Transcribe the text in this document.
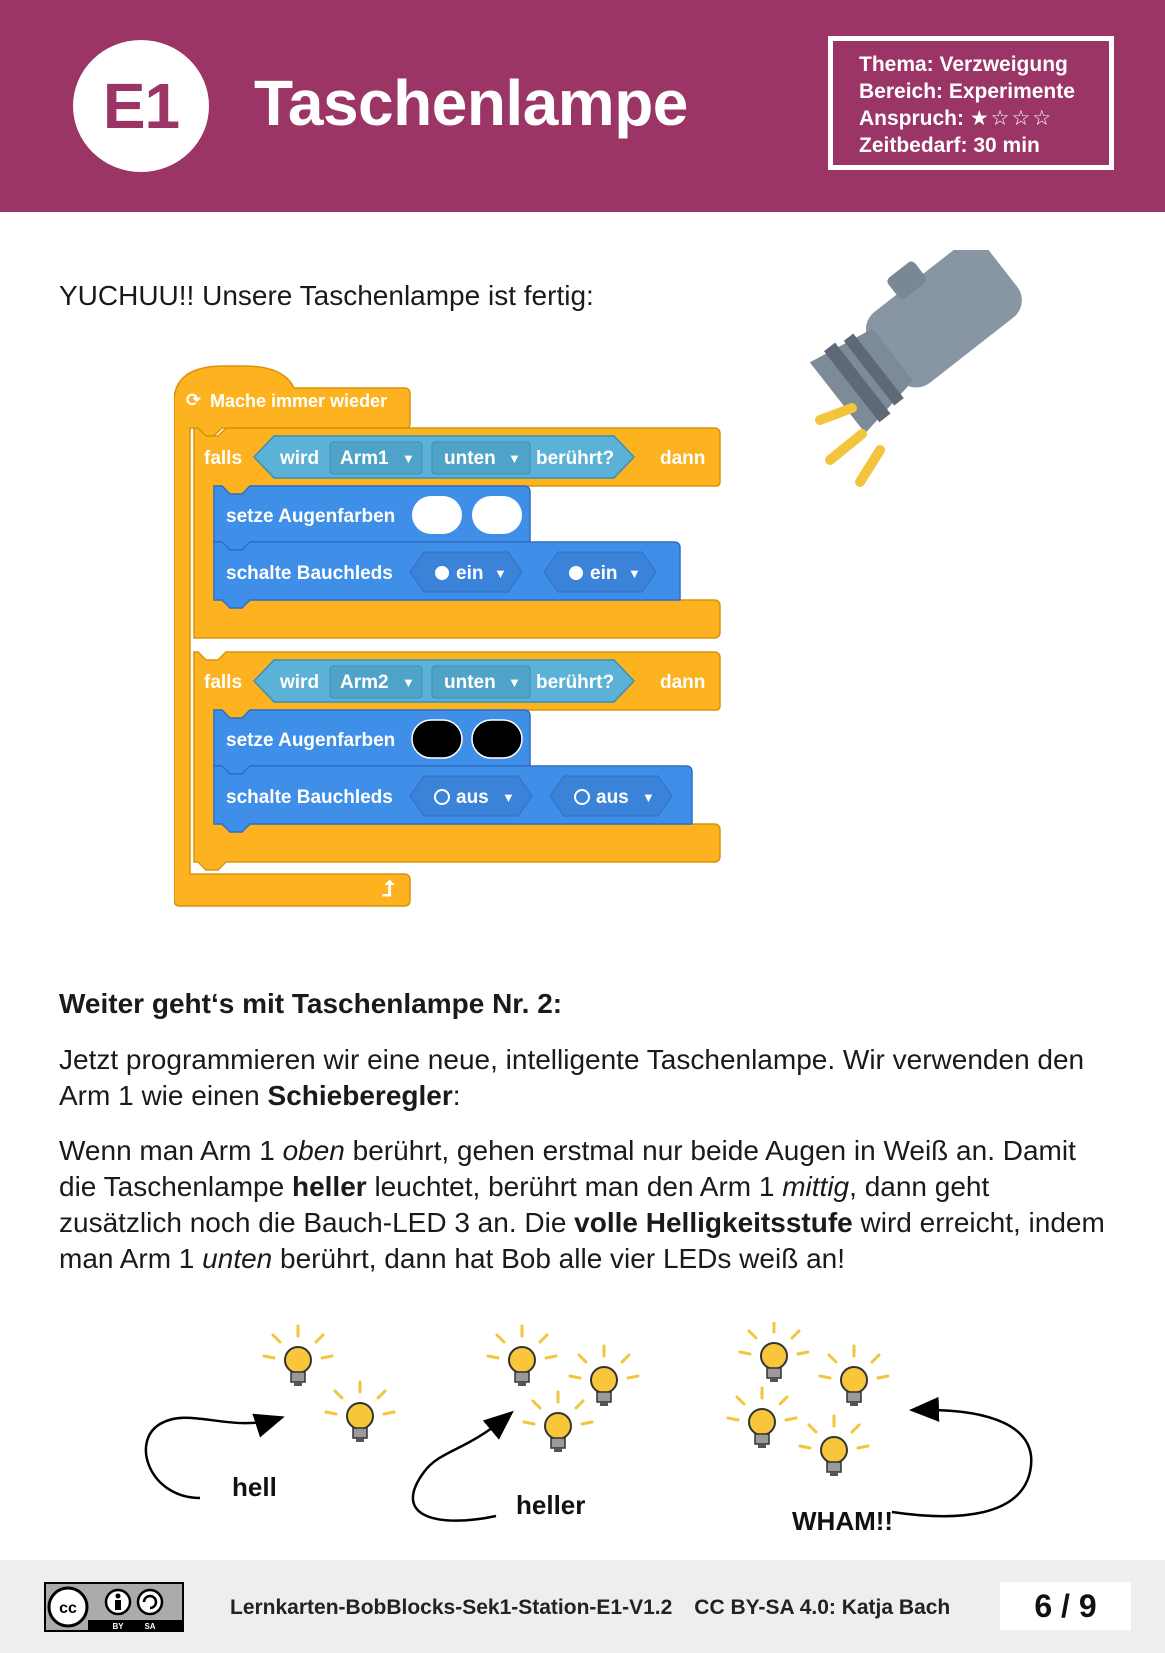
E1	Taschenlampe
Thema: Verzweigung
Bereich: Experimente
Anspruch: ★☆☆☆
Zeitbedarf: 30 min
YUCHUU!! Unsere Taschenlampe ist fertig:
⟳ Mache immer wieder
⮥
falls	dann
wird Arm1 ▼ unten ▼ berührt?
setze Augenfarben
schalte Bauchleds	ein ▼	ein ▼
falls	dann
wird Arm2 ▼ unten ▼ berührt?
setze Augenfarben
schalte Bauchleds	aus ▼	aus ▼
Weiter geht‘s mit Taschenlampe Nr. 2:

Jetzt programmieren wir eine neue, intelligente Taschenlampe. Wir verwenden den Arm 1 wie einen Schieberegler:

Wenn man Arm 1 oben berührt, gehen erstmal nur beide Augen in Weiß an. Damit die Taschenlampe heller leuchtet, berührt man den Arm 1 mittig, dann geht zusätzlich noch die Bauch-LED 3 an. Die volle Helligkeitsstufe wird erreicht, indem man Arm 1 unten berührt, dann hat Bob alle vier LEDs weiß an!

hell
heller
WHAM!!
cc
BY	SA
Lernkarten-BobBlocks-Sek1-Station-E1-V1.2 CC BY-SA 4.0: Katja Bach	6 / 9
